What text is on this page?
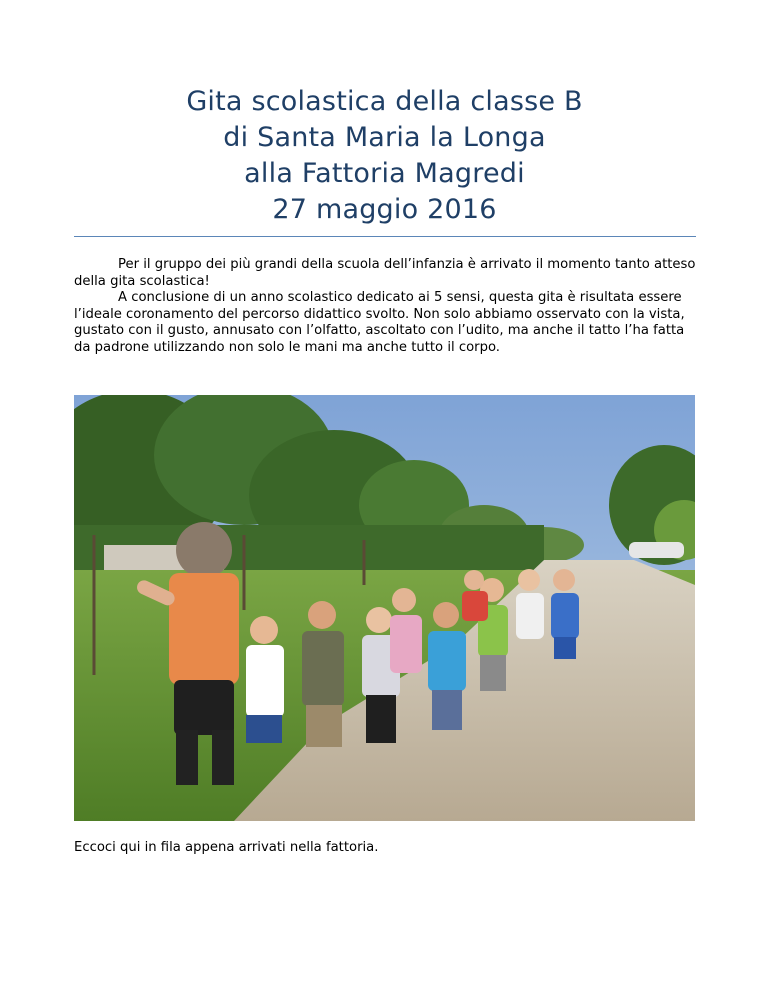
Gita scolastica della classe B
di Santa Maria la Longa
alla Fattoria Magredi
27 maggio 2016

Per il gruppo dei più grandi della scuola dell’infanzia è arrivato il momento tanto atteso della gita scolastica!

A conclusione di un anno scolastico dedicato ai 5 sensi, questa gita è risultata essere l’ideale coronamento del percorso didattico svolto. Non solo abbiamo osservato con la vista, gustato con il gusto, annusato con l’olfatto, ascoltato con l’udito, ma anche il tatto l’ha fatta da padrone utilizzando non solo le mani ma anche tutto il corpo.

Eccoci qui in fila appena arrivati nella fattoria.
